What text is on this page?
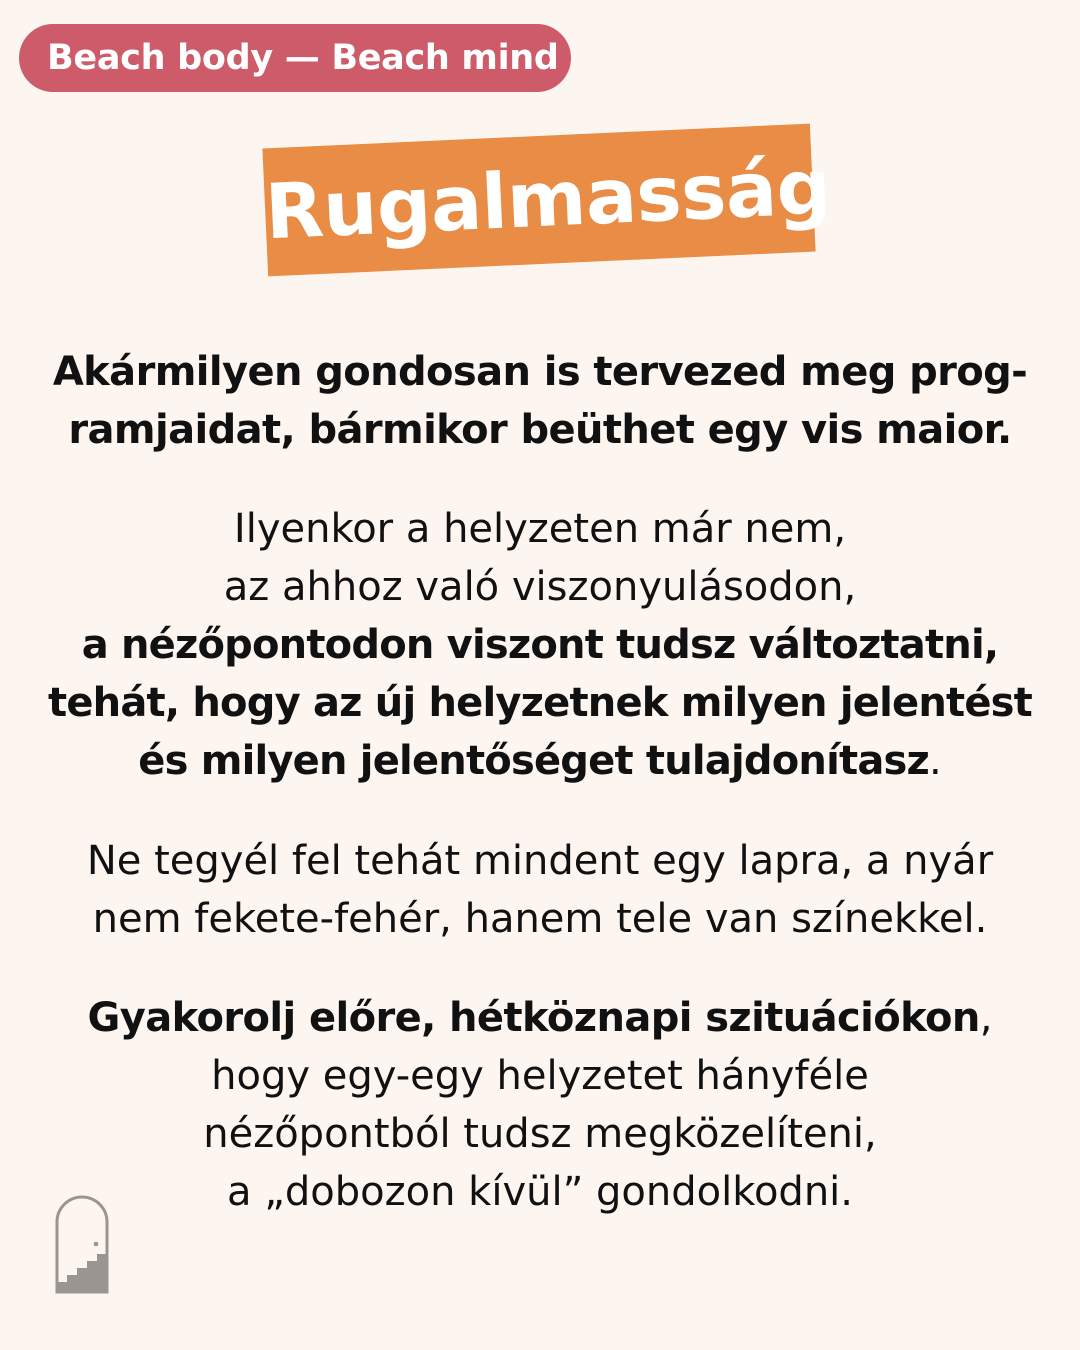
Beach body — Beach mind
Rugalmasság
Akármilyen gondosan is tervezed meg prog-
ramjaidat, bármikor beüthet egy vis maior.
Ilyenkor a helyzeten már nem,
az ahhoz való viszonyulásodon,
a nézőpontodon viszont tudsz változtatni,
tehát, hogy az új helyzetnek milyen jelentést
és milyen jelentőséget tulajdonítasz.
Ne tegyél fel tehát mindent egy lapra, a nyár
nem fekete-fehér, hanem tele van színekkel.
Gyakorolj előre, hétköznapi szituációkon,
hogy egy-egy helyzetet hányféle
nézőpontból tudsz megközelíteni,
a „dobozon kívül” gondolkodni.
